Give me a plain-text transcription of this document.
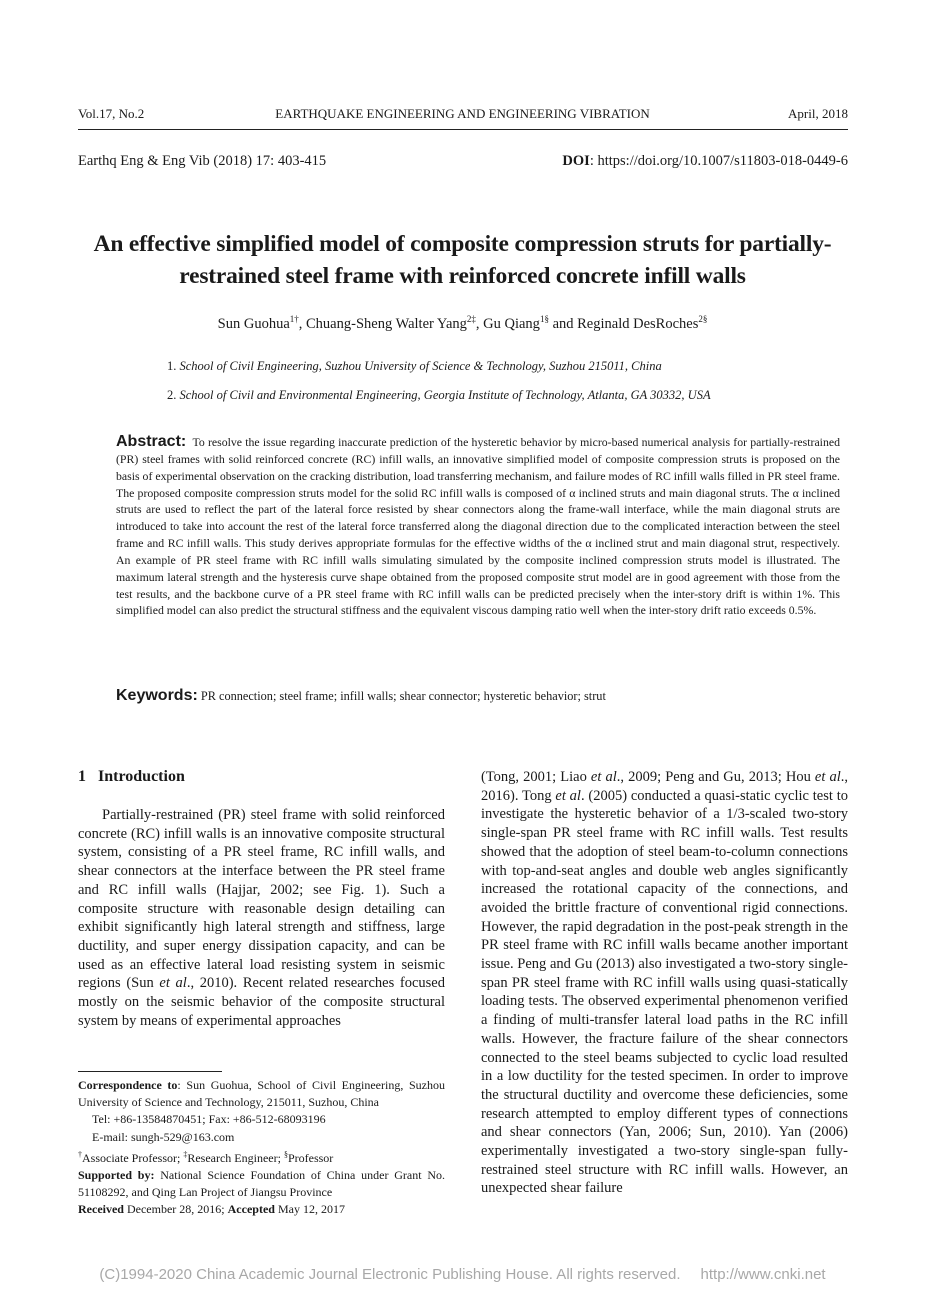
Vol.17, No.2	EARTHQUAKE ENGINEERING AND ENGINEERING VIBRATION	April, 2018
Earthq Eng & Eng Vib (2018) 17: 403-415	DOI: https://doi.org/10.1007/s11803-018-0449-6
An effective simplified model of composite compression struts for partially-
restrained steel frame with reinforced concrete infill walls
Sun Guohua$^{1\dagger}$, Chuang-Sheng Walter Yang$^{2\ddagger}$, Gu Qiang$^{1\S}$ and Reginald DesRoches$^{2\S}$
1. School of Civil Engineering, Suzhou University of Science & Technology, Suzhou 215011, China
2. School of Civil and Environmental Engineering, Georgia Institute of Technology, Atlanta, GA 30332, USA
Abstract: To resolve the issue regarding inaccurate prediction of the hysteretic behavior by micro-based numerical analysis for partially-restrained (PR) steel frames with solid reinforced concrete (RC) infill walls, an innovative simplified model of composite compression struts is proposed on the basis of experimental observation on the cracking distribution, load transferring mechanism, and failure modes of RC infill walls filled in PR steel frame. The proposed composite compression struts model for the solid RC infill walls is composed of α inclined struts and main diagonal struts. The α inclined struts are used to reflect the part of the lateral force resisted by shear connectors along the frame-wall interface, while the main diagonal struts are introduced to take into account the rest of the lateral force transferred along the diagonal direction due to the complicated interaction between the steel frame and RC infill walls. This study derives appropriate formulas for the effective widths of the α inclined strut and main diagonal strut, respectively. An example of PR steel frame with RC infill walls simulating simulated by the composite inclined compression struts model is illustrated. The maximum lateral strength and the hysteresis curve shape obtained from the proposed composite strut model are in good agreement with those from the test results, and the backbone curve of a PR steel frame with RC infill walls can be predicted precisely when the inter-story drift is within 1%. This simplified model can also predict the structural stiffness and the equivalent viscous damping ratio well when the inter-story drift ratio exceeds 0.5%.
Keywords: PR connection; steel frame; infill walls; shear connector; hysteretic behavior; strut
1 Introduction
Partially-restrained (PR) steel frame with solid reinforced concrete (RC) infill walls is an innovative composite structural system, consisting of a PR steel frame, RC infill walls, and shear connectors at the interface between the PR steel frame and RC infill walls (Hajjar, 2002; see Fig. 1). Such a composite structure with reasonable design detailing can exhibit significantly high lateral strength and stiffness, large ductility, and super energy dissipation capacity, and can be used as an effective lateral load resisting system in seismic regions (Sun et al., 2010). Recent related researches focused mostly on the seismic behavior of the composite structural system by means of experimental approaches
(Tong, 2001; Liao et al., 2009; Peng and Gu, 2013; Hou et al., 2016). Tong et al. (2005) conducted a quasi-static cyclic test to investigate the hysteretic behavior of a 1/3-scaled two-story single-span PR steel frame with RC infill walls. Test results showed that the adoption of steel beam-to-column connections with top-and-seat angles and double web angles significantly increased the rotational capacity of the connections, and avoided the brittle fracture of conventional rigid connections. However, the rapid degradation in the post-peak strength in the PR steel frame with RC infill walls became another important issue. Peng and Gu (2013) also investigated a two-story single-span PR steel frame with RC infill walls using quasi-statically loading tests. The observed experimental phenomenon verified a finding of multi-transfer lateral load paths in the RC infill walls. However, the fracture failure of the shear connectors connected to the steel beams subjected to cyclic load resulted in a low ductility for the tested specimen. In order to improve the structural ductility and overcome these deficiencies, some research attempted to employ different types of connections and shear connectors (Yan, 2006; Sun, 2010). Yan (2006) experimentally investigated a two-story single-span fully-restrained steel structure with RC infill walls. However, an unexpected shear failure
Correspondence to: Sun Guohua, School of Civil Engineering, Suzhou University of Science and Technology, 215011, Suzhou, China
Tel: +86-13584870451; Fax: +86-512-68093196
E-mail: sungh-529@163.com
†Associate Professor; ‡Research Engineer; §Professor
Supported by: National Science Foundation of China under Grant No. 51108292, and Qing Lan Project of Jiangsu Province
Received December 28, 2016; Accepted May 12, 2017
(C)1994-2020 China Academic Journal Electronic Publishing House. All rights reserved. http://www.cnki.net
